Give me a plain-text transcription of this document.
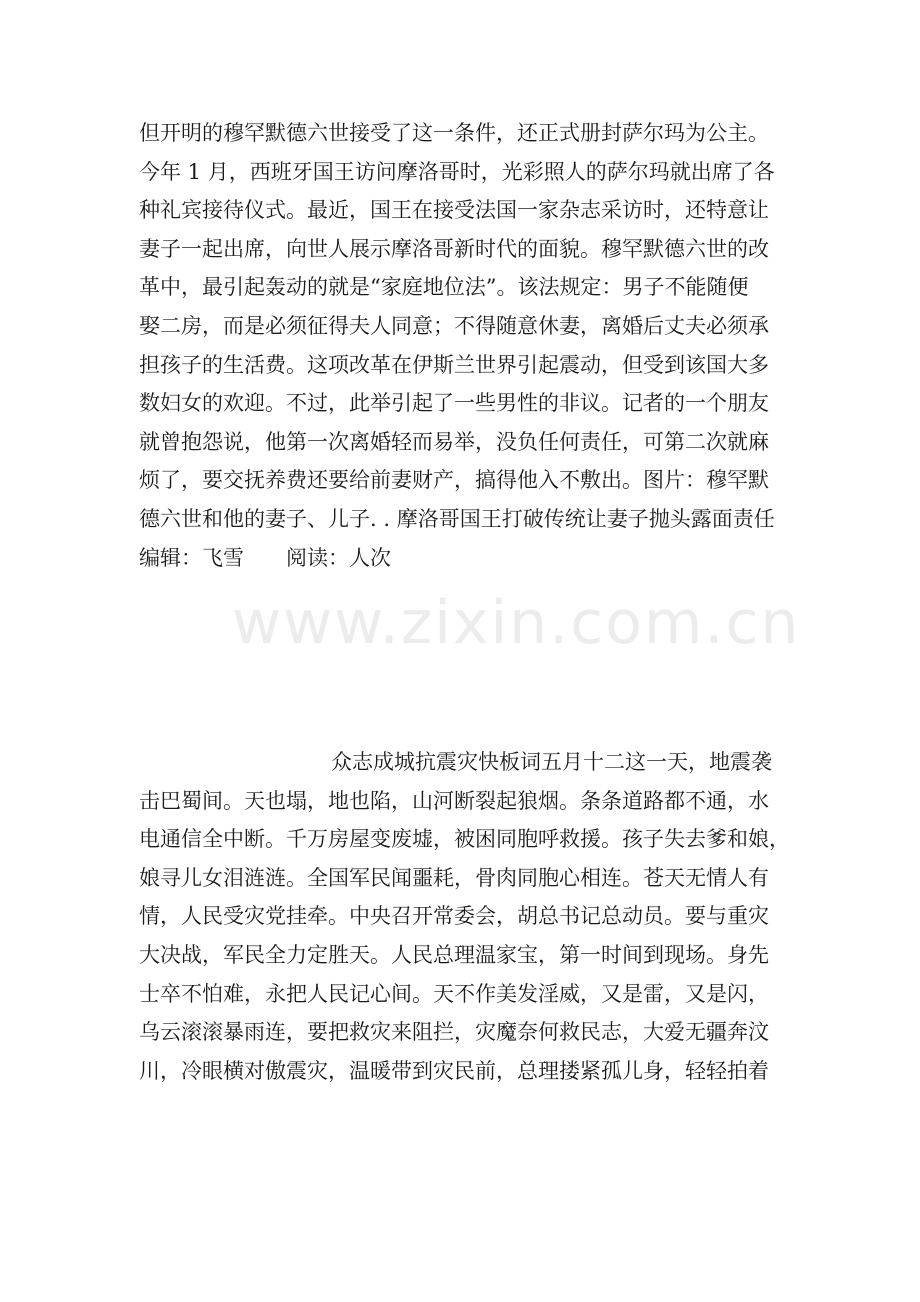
但开明的穆罕默德六世接受了这一条件，还正式册封萨尔玛为公主。
今年 1 月，西班牙国王访问摩洛哥时，光彩照人的萨尔玛就出席了各
种礼宾接待仪式。最近，国王在接受法国一家杂志采访时，还特意让
妻子一起出席，向世人展示摩洛哥新时代的面貌。穆罕默德六世的改
革中，最引起轰动的就是“家庭地位法”。该法规定：男子不能随便
娶二房，而是必须征得夫人同意；不得随意休妻，离婚后丈夫必须承
担孩子的生活费。这项改革在伊斯兰世界引起震动，但受到该国大多
数妇女的欢迎。不过，此举引起了一些男性的非议。记者的一个朋友
就曾抱怨说，他第一次离婚轻而易举，没负任何责任，可第二次就麻
烦了，要交抚养费还要给前妻财产，搞得他入不敷出。图片：穆罕默
德六世和他的妻子、儿子. . 摩洛哥国王打破传统让妻子抛头露面责任
编辑：飞雪　　阅读：人次
www.zixin.com.cn
众志成城抗震灾快板词五月十二这一天，地震袭
击巴蜀间。天也塌，地也陷，山河断裂起狼烟。条条道路都不通，水
电通信全中断。千万房屋变废墟，被困同胞呼救援。孩子失去爹和娘，
娘寻儿女泪涟涟。全国军民闻噩耗，骨肉同胞心相连。苍天无情人有
情，人民受灾党挂牵。中央召开常委会，胡总书记总动员。要与重灾
大决战，军民全力定胜天。人民总理温家宝，第一时间到现场。身先
士卒不怕难，永把人民记心间。天不作美发淫威，又是雷，又是闪，
乌云滚滚暴雨连，要把救灾来阻拦，灾魔奈何救民志，大爱无疆奔汶
川，冷眼横对傲震灾，温暖带到灾民前，总理搂紧孤儿身，轻轻拍着
